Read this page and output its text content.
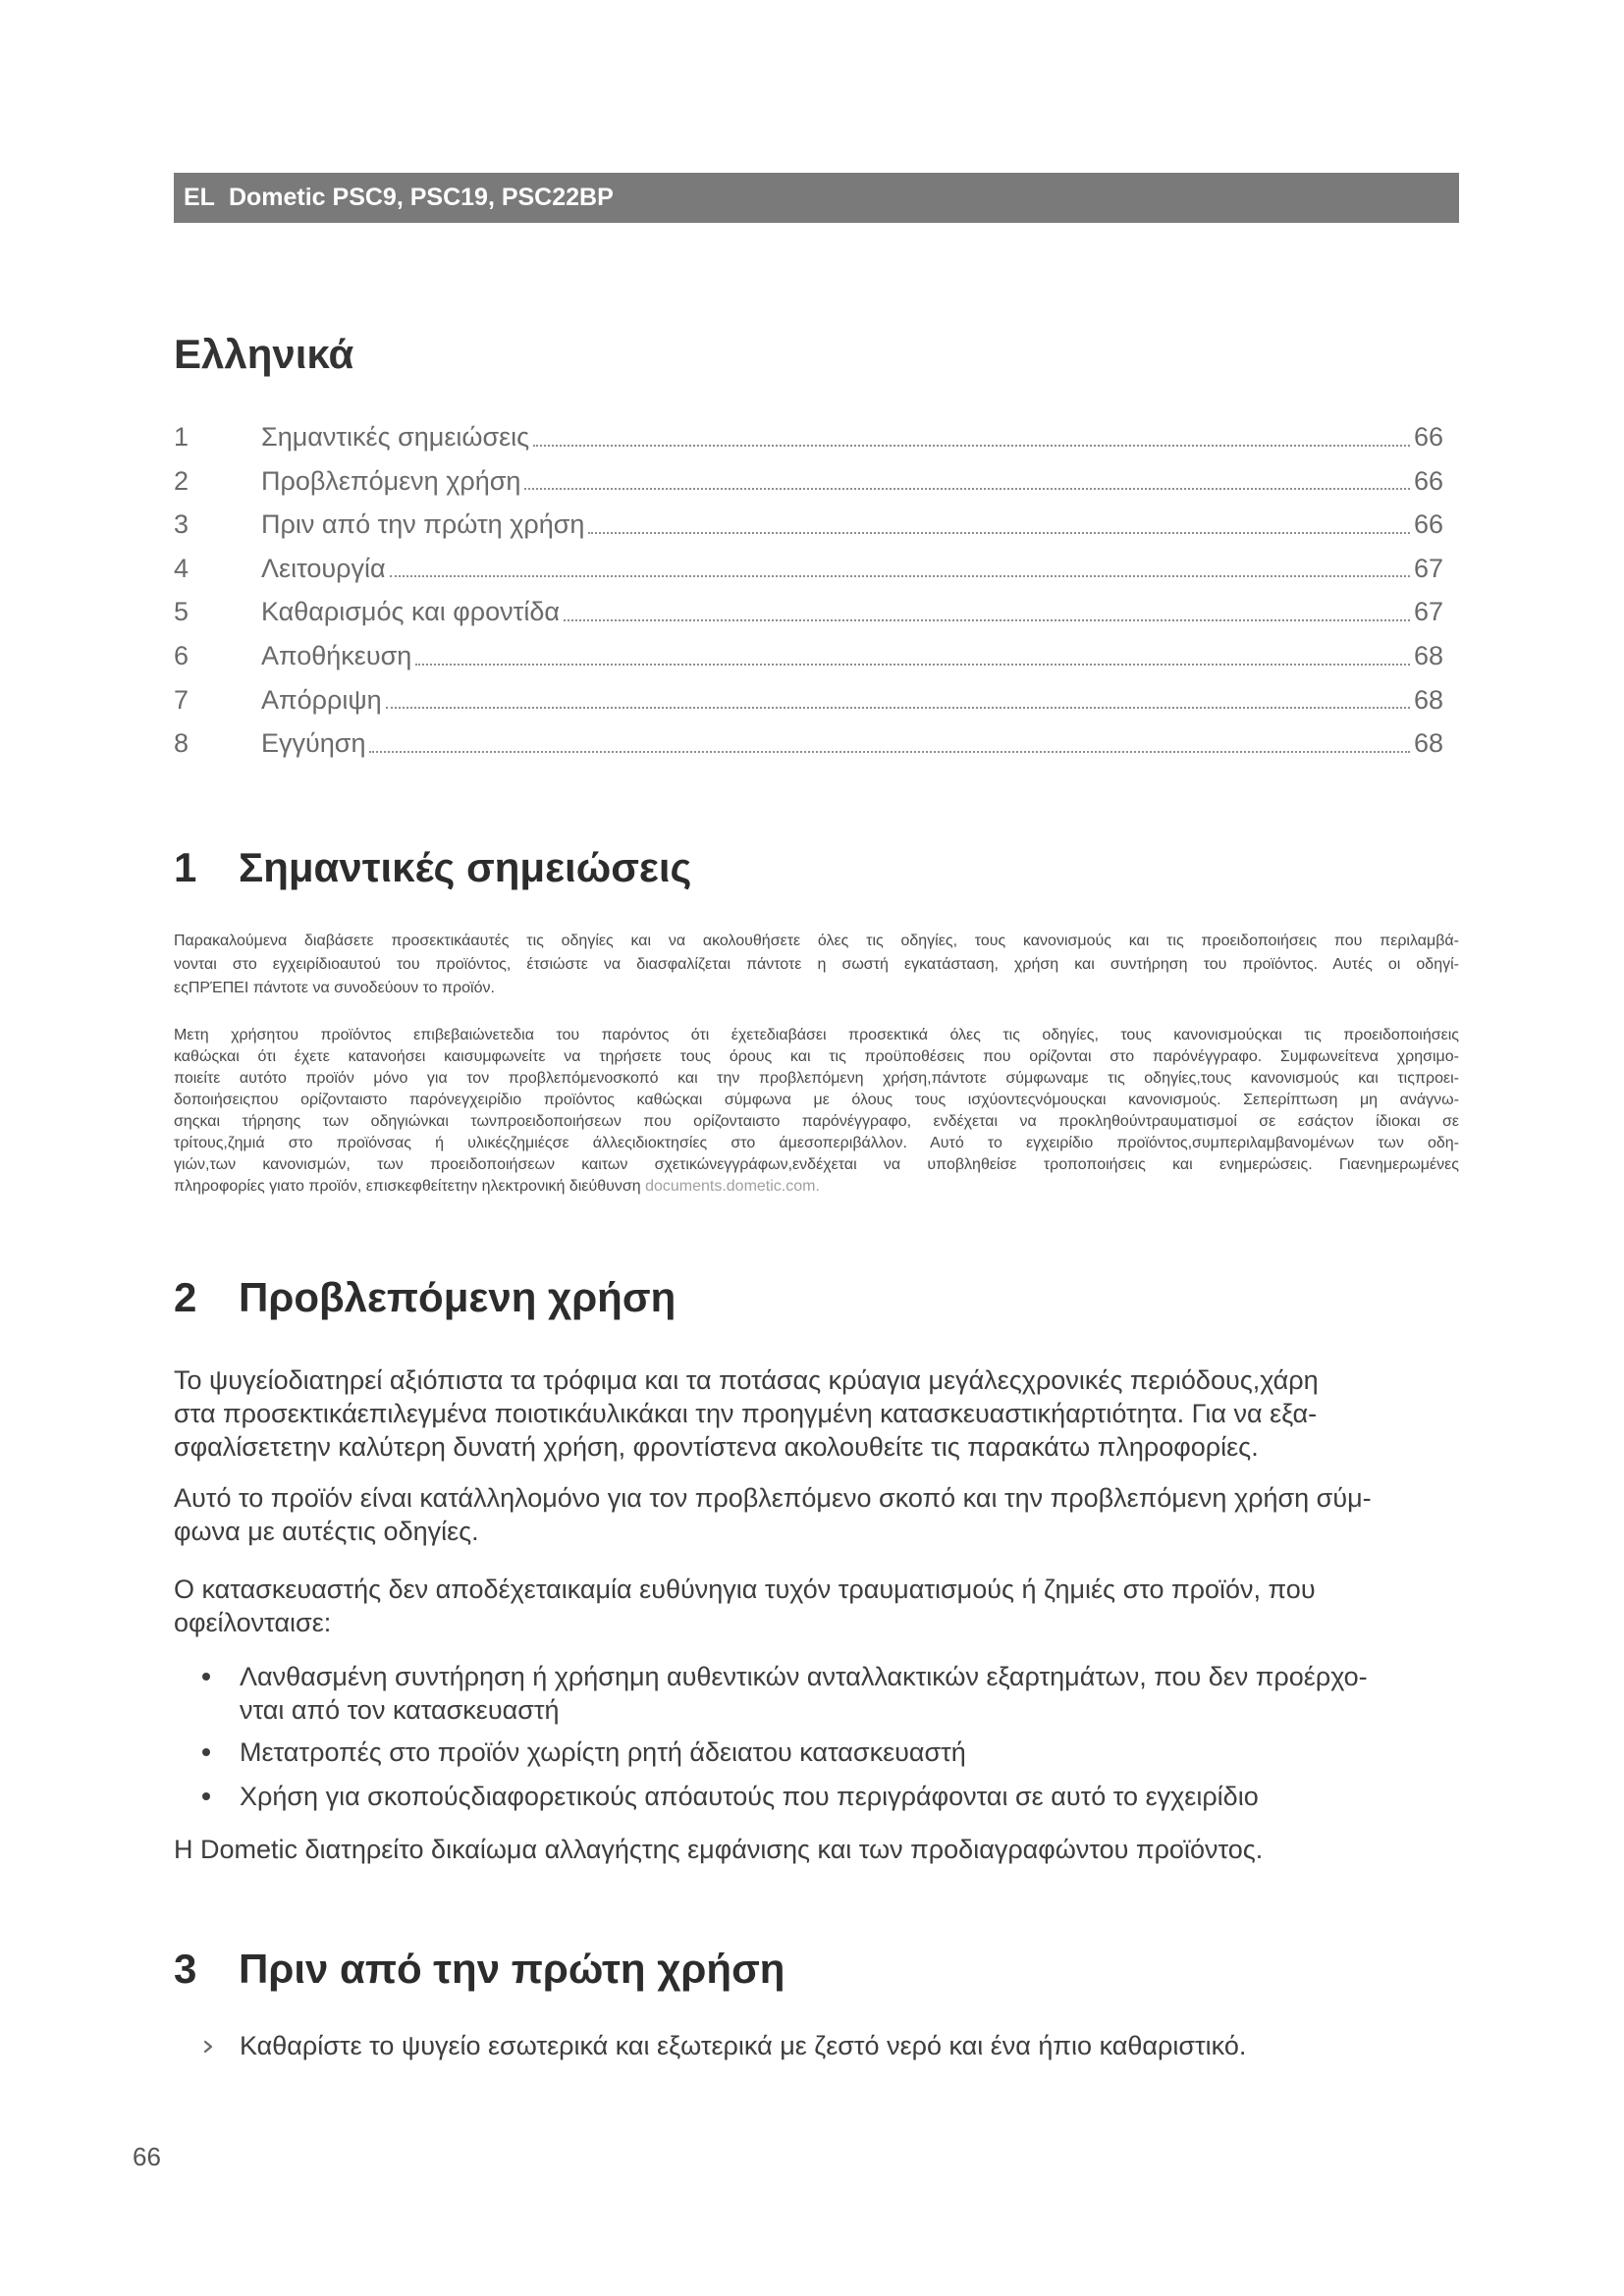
EL Dometic PSC9, PSC19, PSC22BP
Ελληνικά
1	Σημαντικές σημειώσεις	66
2	Προβλεπόμενη χρήση	66
3	Πριν από την πρώτη χρήση	66
4	Λειτουργία	67
5	Καθαρισμός και φροντίδα	67
6	Αποθήκευση	68
7	Απόρριψη	68
8	Εγγύηση	68
1 Σημαντικές σημειώσεις
Παρακαλούμενα διαβάσετε προσεκτικάαυτές τις οδηγίες και να ακολουθήσετε όλες τις οδηγίες, τους κανονισμούς και τις προειδοποιήσεις που περιλαμβά-
νονται στο εγχειρίδιοαυτού του προϊόντος, έτσιώστε να διασφαλίζεται πάντοτε η σωστή εγκατάσταση, χρήση και συντήρηση του προϊόντος. Αυτές οι οδηγί-
εςΠΡΈΠΕΙ πάντοτε να συνοδεύουν το προϊόν.
Μετη χρήσητου προϊόντος επιβεβαιώνετεδια του παρόντος ότι έχετεδιαβάσει προσεκτικά όλες τις οδηγίες, τους κανονισμούςκαι τις προειδοποιήσεις
καθώςκαι ότι έχετε κατανοήσει καισυμφωνείτε να τηρήσετε τους όρους και τις προϋποθέσεις που ορίζονται στο παρόνέγγραφο. Συμφωνείτενα χρησιμο-
ποιείτε αυτότο προϊόν μόνο για τον προβλεπόμενοσκοπό και την προβλεπόμενη χρήση,πάντοτε σύμφωναμε τις οδηγίες,τους κανονισμούς και τιςπροει-
δοποιήσειςπου ορίζονταιστο παρόνεγχειρίδιο προϊόντος καθώςκαι σύμφωνα με όλους τους ισχύοντεςνόμουςκαι κανονισμούς. Σεπερίπτωση μη ανάγνω-
σηςκαι τήρησης των οδηγιώνκαι τωνπροειδοποιήσεων που ορίζονταιστο παρόνέγγραφο, ενδέχεται να προκληθούντραυματισμοί σε εσάςτον ίδιοκαι σε
τρίτους,ζημιά στο προϊόνσας ή υλικέςζημιέςσε άλλεςιδιοκτησίες στο άμεσοπεριβάλλον. Αυτό το εγχειρίδιο προϊόντος,συμπεριλαμβανομένων των οδη-
γιών,των κανονισμών, των προειδοποιήσεων καιτων σχετικώνεγγράφων,ενδέχεται να υποβληθείσε τροποποιήσεις και ενημερώσεις. Γιαενημερωμένες
πληροφορίες γιατο προϊόν, επισκεφθείτετην ηλεκτρονική διεύθυνση documents.dometic.com.
2 Προβλεπόμενη χρήση
Το ψυγείοδιατηρεί αξιόπιστα τα τρόφιμα και τα ποτάσας κρύαγια μεγάλεςχρονικές περιόδους,χάρη
στα προσεκτικάεπιλεγμένα ποιοτικάυλικάκαι την προηγμένη κατασκευαστικήαρτιότητα. Για να εξα-
σφαλίσετετην καλύτερη δυνατή χρήση, φροντίστενα ακολουθείτε τις παρακάτω πληροφορίες.
Αυτό το προϊόν είναι κατάλληλομόνο για τον προβλεπόμενο σκοπό και την προβλεπόμενη χρήση σύμ-
φωνα με αυτέςτις οδηγίες.
Ο κατασκευαστής δεν αποδέχεταικαμία ευθύνηγια τυχόν τραυματισμούς ή ζημιές στο προϊόν, που
οφείλονταισε:
Λανθασμένη συντήρηση ή χρήσημη αυθεντικών ανταλλακτικών εξαρτημάτων, που δεν προέρχο-
νται από τον κατασκευαστή
Μετατροπές στο προϊόν χωρίςτη ρητή άδειατου κατασκευαστή
Χρήση για σκοπούςδιαφορετικούς απόαυτούς που περιγράφονται σε αυτό το εγχειρίδιο
Η Dometic διατηρείτο δικαίωμα αλλαγήςτης εμφάνισης και των προδιαγραφώντου προϊόντος.
3 Πριν από την πρώτη χρήση
Καθαρίστε το ψυγείο εσωτερικά και εξωτερικά με ζεστό νερό και ένα ήπιο καθαριστικό.
66
